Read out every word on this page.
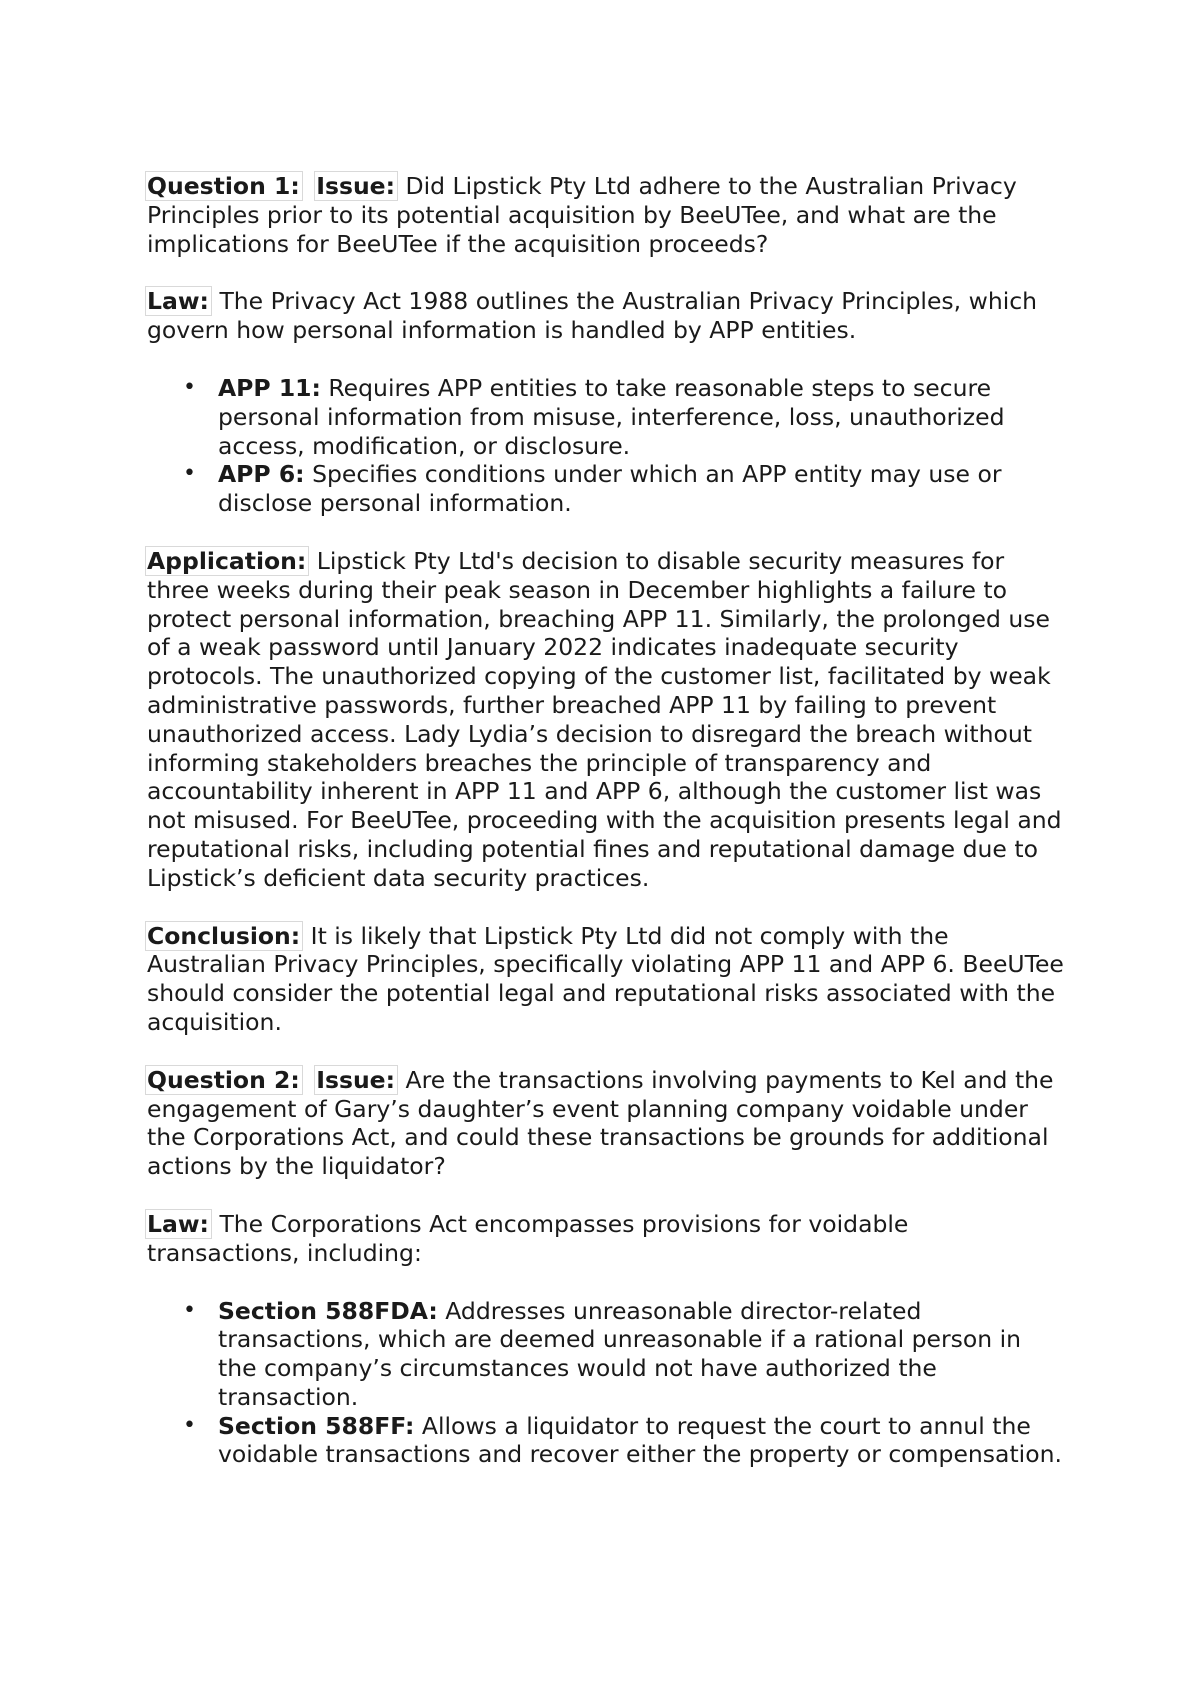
Question 1: Issue: Did Lipstick Pty Ltd adhere to the Australian Privacy Principles prior to its potential acquisition by BeeUTee, and what are the implications for BeeUTee if the acquisition proceeds?

Law: The Privacy Act 1988 outlines the Australian Privacy Principles, which govern how personal information is handled by APP entities.

• APP 11: Requires APP entities to take reasonable steps to secure personal information from misuse, interference, loss, unauthorized access, modification, or disclosure.
• APP 6: Specifies conditions under which an APP entity may use or disclose personal information.

Application: Lipstick Pty Ltd's decision to disable security measures for three weeks during their peak season in December highlights a failure to protect personal information, breaching APP 11. Similarly, the prolonged use of a weak password until January 2022 indicates inadequate security protocols. The unauthorized copying of the customer list, facilitated by weak administrative passwords, further breached APP 11 by failing to prevent unauthorized access. Lady Lydia’s decision to disregard the breach without informing stakeholders breaches the principle of transparency and accountability inherent in APP 11 and APP 6, although the customer list was not misused. For BeeUTee, proceeding with the acquisition presents legal and reputational risks, including potential fines and reputational damage due to Lipstick’s deficient data security practices.

Conclusion: It is likely that Lipstick Pty Ltd did not comply with the Australian Privacy Principles, specifically violating APP 11 and APP 6. BeeUTee should consider the potential legal and reputational risks associated with the acquisition.

Question 2: Issue: Are the transactions involving payments to Kel and the engagement of Gary’s daughter’s event planning company voidable under the Corporations Act, and could these transactions be grounds for additional actions by the liquidator?

Law: The Corporations Act encompasses provisions for voidable transactions, including:

• Section 588FDA: Addresses unreasonable director-related transactions, which are deemed unreasonable if a rational person in the company’s circumstances would not have authorized the transaction.
• Section 588FF: Allows a liquidator to request the court to annul the voidable transactions and recover either the property or compensation.
